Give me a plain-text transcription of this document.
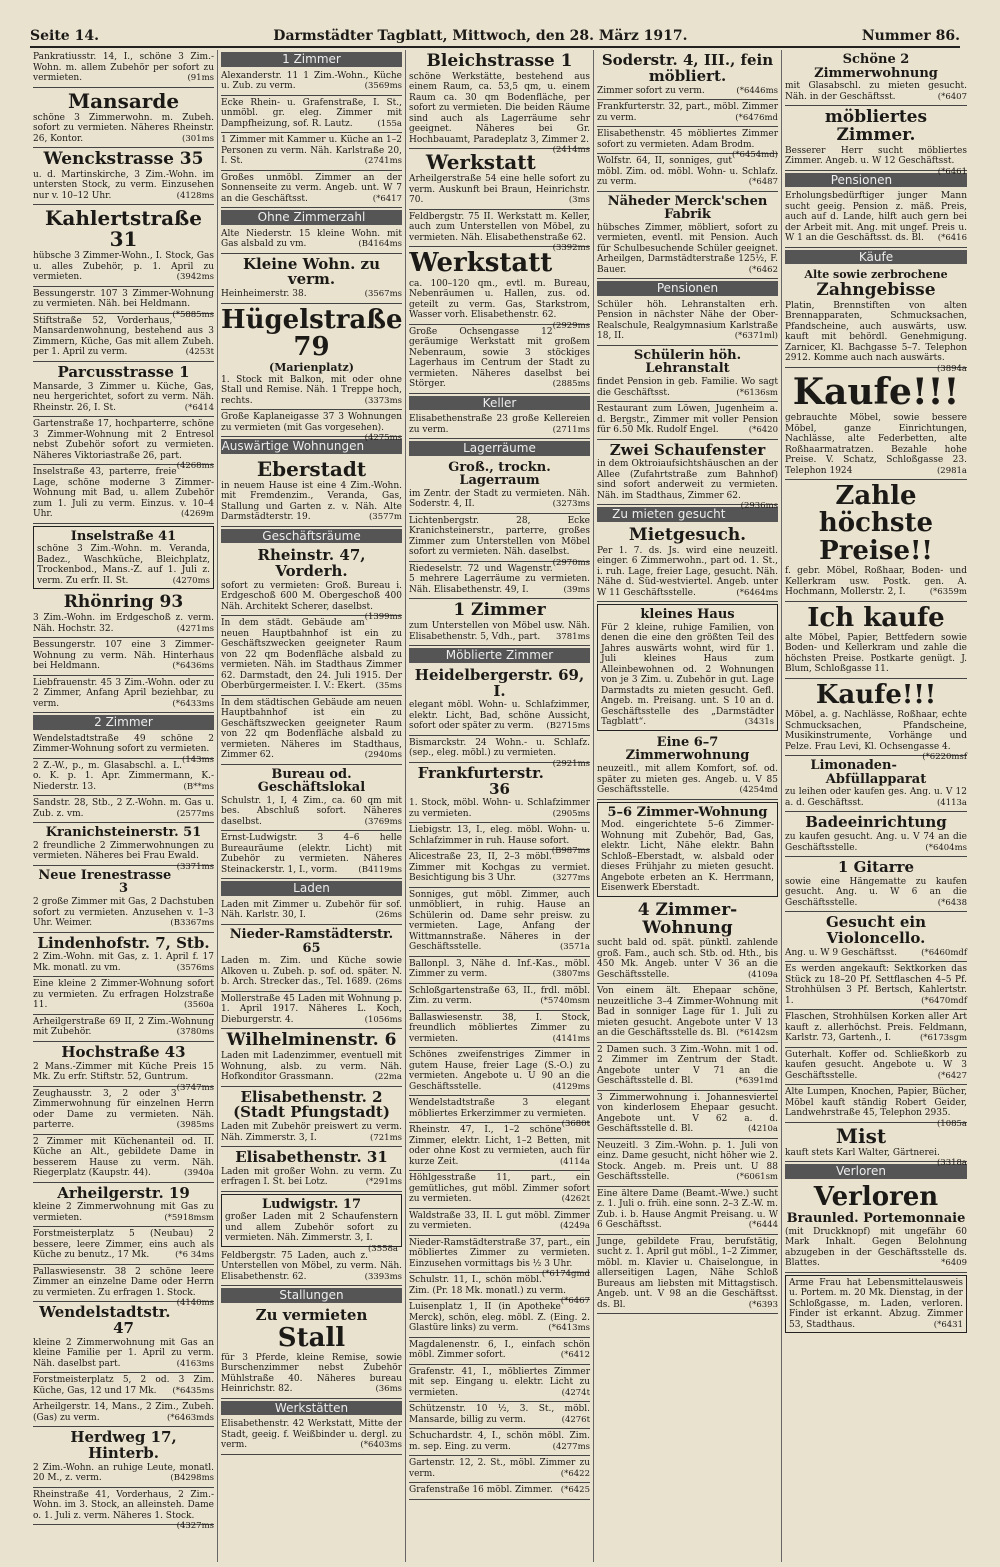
Seite 14.	Darmstädter Tagblatt, Mittwoch, den 28. März 1917.	Nummer 86.

Pankratiusstr. 14, I., schöne 3 Zim.-Wohn. m. allem Zubehör per sofort zu vermieten.	(91ms

Mansarde

schöne 3 Zimmerwohn. m. Zubeh. sofort zu vermieten. Näheres Rheinstr. 26, Kontor.	(301ms

Wenckstrasse 35

u. d. Martinskirche, 3 Zim.-Wohn. im untersten Stock, zu verm. Einzusehen nur v. 10–12 Uhr.	(4128ms

Kahlertstraße 31

hübsche 3 Zimmer-Wohn., I. Stock, Gas u. alles Zubehör, p. 1. April zu vermieten.	(3942ms

Bessungerstr. 107 3 Zimmer-Wohnung zu vermieten. Näh. bei Heldmann.
(*5885ms

Stiftstraße 52, Vorderhaus, Mansardenwohnung, bestehend aus 3 Zimmern, Küche, Gas mit allem Zubeh. per 1. April zu verm.	(4253t

Parcusstrasse 1

Mansarde, 3 Zimmer u. Küche, Gas, neu hergerichtet, sofort zu verm. Näh. Rheinstr. 26, I. St.	(*6414

Gartenstraße 17, hochparterre, schöne 3 Zimmer-Wohnung mit 2 Entresol nebst Zubehör sofort zu vermieten. Näheres Viktoriastraße 26, part.
(4268ms

Inselstraße 43, parterre, freie Lage, schöne moderne 3 Zimmer-Wohnung mit Bad, u. allem Zubehör zum 1. Juli zu verm. Einzus. v. 10–4 Uhr.	(4269m

Inselstraße 41

schöne 3 Zim.-Wohn. m. Veranda, Badez., Waschküche, Bleichplatz, Trockenbod., Mans.-Z. auf 1. Juli z. verm. Zu erfr. II. St.	(4270ms

Rhönring 93

3 Zim.-Wohn. im Erdgeschoß z. verm. Näh. Hochstr. 32.	(4271ms

Bessungerstr. 107 eine 3 Zimmer-Wohnung zu verm. Näh. Hinterhaus bei Heldmann.	(*6436ms

Liebfrauenstr. 45 3 Zim.-Wohn. oder zu 2 Zimmer, Anfang April beziehbar, zu verm.	(*6433ms

2 Zimmer

Wendelstadtstraße 49 schöne 2 Zimmer-Wohnung sofort zu vermieten.
(143ms

2 Z.-W., p., m. Glasabschl. a. L. o. K. p. 1. Apr. Zimmermann, K.-Niederstr. 13.	(B**ms

Sandstr. 28, Stb., 2 Z.-Wohn. m. Gas u. Zub. z. vm.	(2577ms

Kranichsteinerstr. 51

2 freundliche 2 Zimmerwohnungen zu vermieten. Näheres bei Frau Ewald.
(3371ms

Neue Irenestrasse 3

2 große Zimmer mit Gas, 2 Dachstuben sofort zu vermieten. Anzusehen v. 1–3 Uhr. Weimer.	(B3367ms

Lindenhofstr. 7, Stb.

2 Zim.-Wohn. mit Gas, z. 1. April f. 17 Mk. monatl. zu vm.	(3576ms

Eine kleine 2 Zimmer-Wohnung sofort zu vermieten. Zu erfragen Holzstraße 11.	(3560a

Arheilgerstraße 69 II, 2 Zim.-Wohnung mit Zubehör.	(3780ms

Hochstraße 43

2 Mans.-Zimmer mit Küche Preis 15 Mk. Zu erfr. Stiftstr. 52, Guntrum.
(3747ms

Zeughausstr. 3, 2 oder 3 Zimmerwohnung für einzelnen Herrn oder Dame zu vermieten. Näh. parterre.	(3985ms

2 Zimmer mit Küchenanteil od. II. Küche an Alt., gebildete Dame in besserem Hause zu verm. Näh. Riegerplatz (Kaupstr. 44).	(3940a

Arheilgerstr. 19

kleine 2 Zimmerwohnung mit Gas zu vermieten.	(*5918msm

Forstmeisterplatz 5 (Neubau) 2 bessere, leere Zimmer, eins auch als Küche zu benutz., 17 Mk.	(*6 34ms

Pallaswiesenstr. 38 2 schöne leere Zimmer an einzelne Dame oder Herrn zu vermieten. Zu erfragen 1. Stock.
(4140ms

Wendelstadtstr. 47

kleine 2 Zimmerwohnung mit Gas an kleine Familie per 1. April zu verm. Näh. daselbst part.	(4163ms

Forstmeisterplatz 5, 2 od. 3 Zim. Küche, Gas, 12 und 17 Mk. (*6435ms

Arheilgerstr. 14, Mans., 2 Zim., Zubeh. (Gas) zu verm.	(*6463mds

Herdweg 17, Hinterb.

2 Zim.-Wohn. an ruhige Leute, monatl. 20 M., z. verm.	(B4298ms

Rheinstraße 41, Vorderhaus, 2 Zim.-Wohn. im 3. Stock, an alleinsteh. Dame o. 1. Juli z. verm. Näheres 1. Stock.
(4327ms

1 Zimmer

Alexanderstr. 11 1 Zim.-Wohn., Küche u. Zub. zu verm.	(3569ms

Ecke Rhein- u. Grafenstraße, I. St., unmöbl. gr. eleg. Zimmer mit Dampfheizung, sof. R. Lautz.	(155a

1 Zimmer mit Kammer u. Küche an 1–2 Personen zu verm. Näh. Karlstraße 20, I. St.	(2741ms

Großes unmöbl. Zimmer an der Sonnenseite zu verm. Angeb. unt. W 7 an die Geschäftsst.	(*6417

Ohne Zimmerzahl

Alte Niederstr. 15 kleine Wohn. mit Gas alsbald zu vm.	(B4164ms

Kleine Wohn. zu verm.

Heinheimerstr. 38.	(3567ms

Hügelstraße 79
(Marienplatz)

1. Stock mit Balkon, mit oder ohne Stall und Remise. Näh. 1 Treppe hoch, rechts.	(3373ms

Große Kaplaneigasse 37 3 Wohnungen zu vermieten (mit Gas vorgesehen).
(4275ms

Auswärtige Wohnungen
Eberstadt

in neuem Hause ist eine 4 Zim.-Wohn. mit Fremdenzim., Veranda, Gas, Stallung und Garten z. v. Näh. Alte Darmstädterstr. 19.	(3577m

Geschäftsräume
Rheinstr. 47, Vorderh.

sofort zu vermieten: Groß. Bureau i. Erdgeschoß 600 M. Obergeschoß 400 Näh. Architekt Scherer, daselbst.
(1399ms

In dem städt. Gebäude am neuen Hauptbahnhof ist ein zu Geschäftszwecken geeigneter Raum von 22 qm Bodenfläche alsbald zu vermieten. Näh. im Stadthaus Zimmer 62. Darmstadt, den 24. Juli 1915. Der Oberbürgermeister. I. V.: Ekert. (35ms

In dem städtischen Gebäude am neuen Hauptbahnhof ist ein zu Geschäftszwecken geeigneter Raum von 22 qm Bodenfläche alsbald zu vermieten. Näheres im Stadthaus, Zimmer 62.	(2940ms

Bureau od. Geschäftslokal

Schulstr. 1, I, 4 Zim., ca. 60 qm mit bes. Abschluß sofort. Näheres daselbst.	(3769ms

Ernst-Ludwigstr. 3 4–6 helle Bureauräume (elektr. Licht) mit Zubehör zu vermieten. Näheres Steinackerstr. 1, I., vorm. (B4119ms

Laden

Laden mit Zimmer u. Zubehör für sof. Näh. Karlstr. 30, I.	(26ms

Nieder-Ramstädterstr. 65

Laden m. Zim. und Küche sowie Alkoven u. Zubeh. p. sof. od. später. N. b. Arch. Strecker das., Tel. 1689. (26ms

Mollerstraße 45 Laden mit Wohnung p. 1. April 1917. Näheres L. Koch, Dieburgerstr. 4.	(1056ms

Wilhelminenstr. 6

Laden mit Ladenzimmer, eventuell mit Wohnung, alsb. zu verm. Näh. Hofkonditor Grassmann.	(22ma

Elisabethenstr. 2 (Stadt Pfungstadt)

Laden mit Zubehör preiswert zu verm. Näh. Zimmerstr. 3, I.	(721ms

Elisabethenstr. 31

Laden mit großer Wohn. zu verm. Zu erfragen I. St. bei Lotz.	(*291ms

Ludwigstr. 17

großer Laden mit 2 Schaufenstern und allem Zubehör sofort zu vermieten. Näh. Zimmerstr. 3, I.
(3558a

Feldbergstr. 75 Laden, auch z. Unterstellen von Möbel, zu verm. Näh. Elisabethenstr. 62.	(3393ms

Stallungen
Zu vermieten
Stall

für 3 Pferde, kleine Remise, sowie Burschenzimmer nebst Zubehör Mühlstraße 40. Näheres bureau Heinrichstr. 82.	(36ms

Werkstätten

Elisabethenstr. 42 Werkstatt, Mitte der Stadt, geeig. f. Weißbinder u. dergl. zu verm.	(*6403ms

Bleichstrasse 1

schöne Werkstätte, bestehend aus einem Raum, ca. 53,5 qm, u. einem Raum ca. 30 qm Bodenfläche, per sofort zu vermieten. Die beiden Räume sind auch als Lagerräume sehr geeignet. Näheres bei Gr. Hochbauamt, Paradeplatz 3, Zimmer 2.
(2414ms

Werkstatt

Arheilgerstraße 54 eine helle sofort zu verm. Auskunft bei Braun, Heinrichstr. 70.	(3ms

Feldbergstr. 75 II. Werkstatt m. Keller, auch zum Unterstellen von Möbel, zu vermieten. Näh. Elisabethenstraße 62.
(3392ms

Werkstatt

ca. 100–120 qm., evtl. m. Bureau, Nebenräumen u. Hallen, zus. od. geteilt zu verm. Gas, Starkstrom, Wasser vorh. Elisabethenstr. 62.
(2929ms

Große Ochsengasse 12 geräumige Werkstatt mit großem Nebenraum, sowie 3 stöckiges Lagerhaus im Centrum der Stadt zu vermieten. Näheres daselbst bei Störger.	(2885ms

Keller

Elisabethenstraße 23 große Kellereien zu verm.	(2711ms

Lagerräume
Groß., trockn. Lagerraum

im Zentr. der Stadt zu vermieten. Näh. Soderstr. 4, II.	(3273ms

Lichtenbergstr. 28, Ecke Kranichsteinerstr., parterre, großes Zimmer zum Unterstellen von Möbel sofort zu vermieten. Näh. daselbst.
(2970ms

Riedeselstr. 72 und Wagenstr. 5 mehrere Lagerräume zu vermieten. Näh. Elisabethenstr. 49, I.	(39ms

1 Zimmer

zum Unterstellen von Möbel usw. Näh. Elisabethenstr. 5, Vdh., part. 3781ms

Möblierte Zimmer
Heidelbergerstr. 69, I.

elegant möbl. Wohn- u. Schlafzimmer, elektr. Licht, Bad, schöne Aussicht, sofort oder später zu verm. (B2715ms

Bismarckstr. 24 Wohn.- u. Schlafz. (sep., eleg. möbl.) zu vermieten.
(2921ms

Frankfurterstr. 36

1. Stock, möbl. Wohn- u. Schlafzimmer zu vermieten.	(2905ms

Liebigstr. 13, I., eleg. möbl. Wohn- u. Schlafzimmer in ruh. Hause sofort.
(B987ms

Alicestraße 23, II, 2–3 möbl. Zimmer mit Kochgas zu vermiet. Besichtigung bis 3 Uhr.	(3277ms

Sonniges, gut möbl. Zimmer, auch unmöbliert, in ruhig. Hause an Schülerin od. Dame sehr preisw. zu vermieten. Lage, Anfang der Wittmannstraße. Näheres in der Geschäftsstelle.	(3571a

Ballonpl. 3, Nähe d. Inf.-Kas., möbl. Zimmer zu verm.	(3807ms

Schloßgartenstraße 63, II., frdl. möbl. Zim. zu verm.	(*5740msm

Ballaswiesenstr. 38, I. Stock, freundlich möbliertes Zimmer zu vermieten.	(4141ms

Schönes zweifenstriges Zimmer in gutem Hause, freier Lage (S.-O.) zu vermieten. Angebote u. U 90 an die Geschäftsstelle.	(4129ms

Wendelstadtstraße 3 elegant möbliertes Erkerzimmer zu vermieten.
(3680t

Rheinstr. 47, I., 1–2 schöne Zimmer, elektr. Licht, 1–2 Betten, mit oder ohne Kost zu vermieten, auch für kurze Zeit.	(4114a

Höhlgesstraße 11, part., ein gemütliches, gut möbl. Zimmer sofort zu vermieten.	(4262t

Waldstraße 33, II. L gut möbl. Zimmer zu vermieten.	(4249a

Nieder-Ramstädterstraße 37, part., ein möbliertes Zimmer zu vermieten. Einzusehen vormittags bis ½ 3 Uhr.
(*6174gmd

Schulstr. 11, I., schön möbl. Zim. (Pr. 18 Mk. monatl.) zu verm.
(*6467

Luisenplatz 1, II (in Apotheke Merck), schön, eleg. möbl. Z. (Eing. 2. Glastüre links) zu verm.	(*6413ms

Magdalenenstr. 6, I., einfach schön möbl. Zimmer sofort.	(*6412

Grafenstr. 41, I., möbliertes Zimmer mit sep. Eingang u. elektr. Licht zu vermieten.	(4274t

Schützenstr. 10 ½, 3. St., möbl. Mansarde, billig zu verm.	(4276t

Schuchardstr. 4, I., schön möbl. Zim. m. sep. Eing. zu verm.	(4277ms

Gartenstr. 12, 2. St., möbl. Zimmer zu verm.	(*6422

Grafenstraße 16 möbl. Zimmer. (*6425

Soderstr. 4, III., fein möbliert.

Zimmer sofort zu verm.	(*6446ms

Frankfurterstr. 32, part., möbl. Zimmer zu verm.	(*6476md

Elisabethenstr. 45 möbliertes Zimmer sofort zu vermieten. Adam Brodm.
(*6454md)

Wolfstr. 64, II, sonniges, gut möbl. Zim. od. möbl. Wohn- u. Schlafz. zu verm.	(*6487

Näheder Merck'schen Fabrik

hübsches Zimmer, möbliert, sofort zu vermieten, eventl. mit Pension. Auch für Schulbesuchende Schüler geeignet. Arheilgen, Darmstädterstraße 125½, F. Bauer.	(*6462

Pensionen

Schüler höh. Lehranstalten erh. Pension in nächster Nähe der Ober-Realschule, Realgymnasium Karlstraße 18, II.	(*6371ml)

Schülerin höh. Lehranstalt

findet Pension in geb. Familie. Wo sagt die Geschäftsst.	(*6136sm

Restaurant zum Löwen, Jugenheim a. d. Bergstr., Zimmer mit voller Pension für 6.50 Mk. Rudolf Engel.	(*6420

Zwei Schaufenster

in dem Oktroiaufsichtshäuschen an der Allee (Zufahrtstraße zum Bahnhof) sind sofort anderweit zu vermieten. Näh. im Stadthaus, Zimmer 62.
(2936ms

Zu mieten gesucht
Mietgesuch.

Per 1. 7. ds. Js. wird eine neuzeitl. einger. 6 Zimmerwohn., part od. 1. St., i. ruh. Lage, freier Lage, gesucht. Näh. Nähe d. Süd-westviertel. Angeb. unter W 11 Geschäftsstelle.	(*6464ms

kleines Haus

Für 2 kleine, ruhige Familien, von denen die eine den größten Teil des Jahres auswärts wohnt, wird für 1. Juli kleines Haus zum Alleinbewohnen od. 2 Wohnungen von je 3 Zim. u. Zubehör in gut. Lage Darmstadts zu mieten gesucht. Gefl. Angeb. m. Preisang. unt. S 10 an d. Geschäftsstelle des „Darmstädter Tagblatt“.	(3431s

Eine 6–7 Zimmerwohnung

neuzeitl., mit allem Komfort, sof. od. später zu mieten ges. Angeb. u. V 85 Geschäftsstelle.	(4254md

5–6 Zimmer-Wohnung

Mod. eingerichtete 5–6 Zimmer-Wohnung mit Zubehör, Bad, Gas, elektr. Licht, Nähe elektr. Bahn Schloß–Eberstadt, w. alsbald oder dieses Frühjahr zu mieten gesucht. Angebote erbeten an K. Herrmann, Eisenwerk Eberstadt.

4 Zimmer-Wohnung

sucht bald od. spät. pünktl. zahlende groß. Fam., auch sch. Stb. od. Hth., bis 450 Mk. Angeb. unter V 36 an die Geschäftsstelle.	(4109a

Von einem ält. Ehepaar schöne, neuzeitliche 3–4 Zimmer-Wohnung mit Bad in sonniger Lage für 1. Juli zu mieten gesucht. Angebote unter V 13 an die Geschäftsstelle ds. Bl. (*6142sm

2 Damen such. 3 Zim.-Wohn. mit 1 od. 2 Zimmer im Zentrum der Stadt. Angebote unter V 71 an die Geschäftsstelle d. Bl.	(*6391md

3 Zimmerwohnung i. Johannesviertel von kinderlosem Ehepaar gesucht. Angebote unt. V 62 a. d. Geschäftsstelle d. Bl.	(4210a

Neuzeitl. 3 Zim.-Wohn. p. 1. Juli von einz. Dame gesucht, nicht höher wie 2. Stock. Angeb. m. Preis unt. U 88 Geschäftsstelle.	(*6061sm

Eine ältere Dame (Beamt.-Wwe.) sucht z. 1. Juli o. früh. eine sonn. 2–3 Z.-W. m. Zub. i. b. Hause Angmit Preisang. u. W 6 Geschäftsst.	(*6444

Junge, gebildete Frau, berufstätig, sucht z. 1. April gut möbl., 1–2 Zimmer, möbl. m. Klavier u. Chaiselongue, in allerseitigen Lagen, Nähe Schloß Bureaus am liebsten mit Mittagstisch. Angeb. unt. V 98 an die Geschäftsst. ds. Bl.	(*6393

Schöne 2 Zimmerwohnung

mit Glasabschl. zu mieten gesucht. Näh. in der Geschäftsst.	(*6407

möbliertes Zimmer.

Besserer Herr sucht möbliertes Zimmer. Angeb. u. W 12 Geschäftsst.
(*6461

Pensionen

Erholungsbedürftiger junger Mann sucht geeig. Pension z. mäß. Preis, auch auf d. Lande, hilft auch gern bei der Arbeit mit. Ang. mit ungef. Preis u. W 1 an die Geschäftsst. ds. Bl. (*6416

Käufe
Alte sowie zerbrochene
Zahngebisse

Platin, Brennstiften von alten Brennapparaten, Schmucksachen, Pfandscheine, auch auswärts, usw. kauft mit behördl. Genehmigung. Zarnicer, Kl. Bachgasse 5–7. Telephon 2912. Komme auch nach auswärts.
(3894a

Kaufe!!!

gebrauchte Möbel, sowie bessere Möbel, ganze Einrichtungen, Nachlässe, alte Federbetten, alte Roßhaarmatratzen. Bezahle hohe Preise. V. Schatz, Schloßgasse 23. Telephon 1924	(2981a

Zahle höchste Preise!!

f. gebr. Möbel, Roßhaar, Boden- und Kellerkram usw. Postk. gen. A. Hochmann, Mollerstr. 2, I.	(*6359m

Ich kaufe

alte Möbel, Papier, Bettfedern sowie Boden- und Kellerkram und zahle die höchsten Preise. Postkarte genügt. J. Blum, Schloßgasse 11.

Kaufe!!!

Möbel, a. g. Nachlässe, Roßhaar, echte Schmucksachen, Pfandscheine, Musikinstrumente, Vorhänge und Pelze. Frau Levi, Kl. Ochsengasse 4.
(*6220msf

Limonaden-Abfüllapparat

zu leihen oder kaufen ges. Ang. u. V 12 a. d. Geschäftsst.	(4113a

Badeeinrichtung

zu kaufen gesucht. Ang. u. V 74 an die Geschäftsstelle.	(*6404ms

1 Gitarre

sowie eine Hängematte zu kaufen gesucht. Ang. u. W 6 an die Geschäftsstelle.	(*6438

Gesucht ein Violoncello.

Ang. u. W 9 Geschäftsst.	(*6460mdf

Es werden angekauft: Sektkorken das Stück zu 18–20 Pf. Settflaschen 4–5 Pf. Strohhülsen 3 Pf. Bertsch, Kahlertstr. 1.	(*6470mdf

Flaschen, Strohhülsen Korken aller Art kauft z. allerhöchst. Preis. Feldmann, Karlstr. 73, Gartenh., I.	(*6173sgm

Guterhalt. Koffer od. Schließkorb zu kaufen gesucht. Angebote u. W 3 Geschäftsstelle.	(*6427

Alte Lumpen, Knochen, Papier, Bücher, Möbel kauft ständig Robert Geider, Landwehrstraße 45, Telephon 2935.
(1085a

Mist

kauft stets Karl Walter, Gärtnerei.
(3318a

Verloren
Verloren
Braunled. Portemonnaie

(mit Druckknopf) mit ungefähr 60 Mark Inhalt. Gegen Belohnung abzugeben in der Geschäftsstelle ds. Blattes.	*6409

Arme Frau hat Lebensmittelausweis u. Portem. m. 20 Mk. Dienstag, in der Schloßgasse, m. Laden, verloren. Finder ist erkannt. Abzug. Zimmer 53, Stadthaus.	(*6431
